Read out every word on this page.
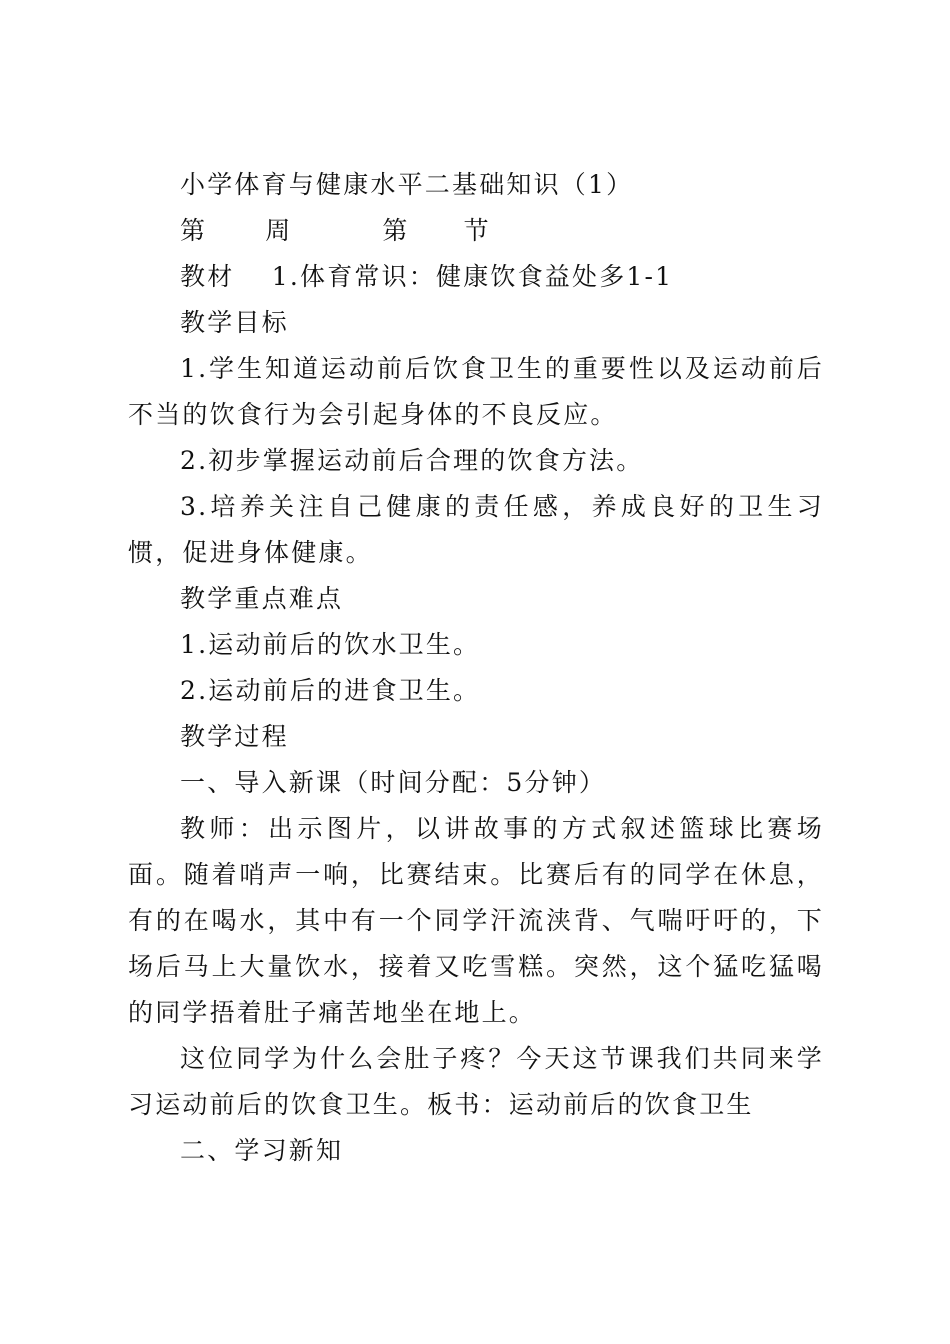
小学体育与健康水平二基础知识（1）
第 周	第 节
教材　 1.体育常识：健康饮食益处多1-1
教学目标
1.学生知道运动前后饮食卫生的重要性以及运动前后不当的饮食行为会引起身体的不良反应。
2.初步掌握运动前后合理的饮食方法。
3.培养关注自己健康的责任感，养成良好的卫生习惯，促进身体健康。
教学重点难点
1.运动前后的饮水卫生。
2.运动前后的进食卫生。
教学过程
一、导入新课（时间分配：5分钟）
教师：出示图片，以讲故事的方式叙述篮球比赛场面。随着哨声一响，比赛结束。比赛后有的同学在休息，有的在喝水，其中有一个同学汗流浃背、气喘吁吁的，下场后马上大量饮水，接着又吃雪糕。突然，这个猛吃猛喝的同学捂着肚子痛苦地坐在地上。
这位同学为什么会肚子疼？今天这节课我们共同来学习运动前后的饮食卫生。板书：运动前后的饮食卫生
二、学习新知
